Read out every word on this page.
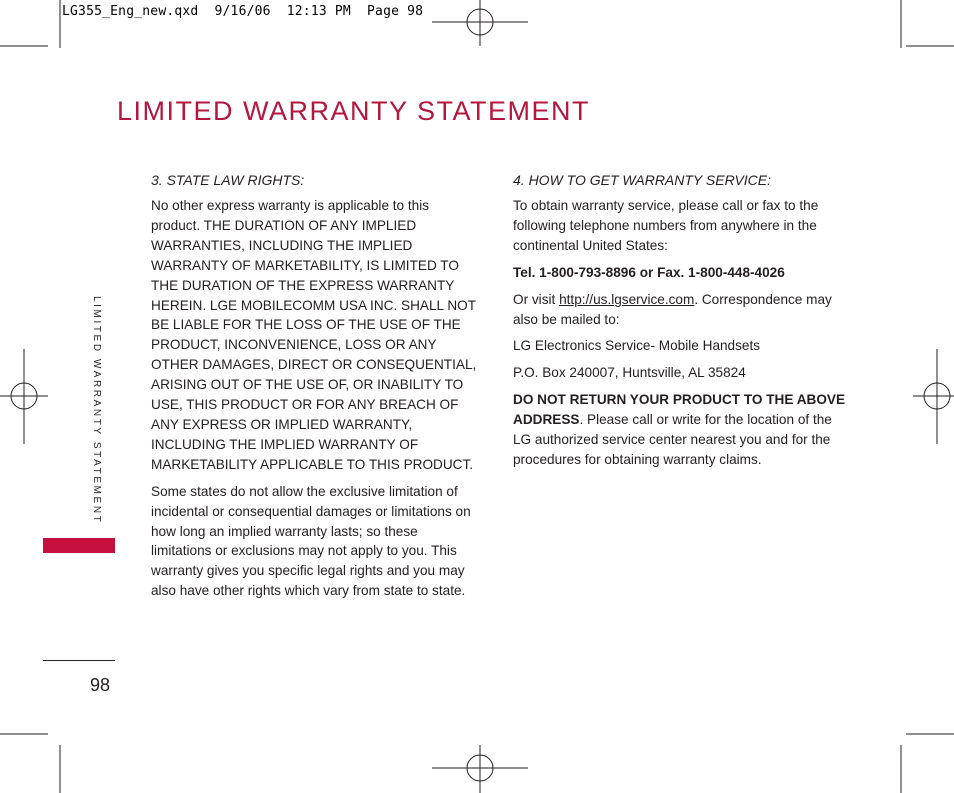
LG355_Eng_new.qxd  9/16/06  12:13 PM  Page 98
LIMITED WARRANTY STATEMENT
LIMITED WARRANTY STATEMENT
98
3. STATE LAW RIGHTS:

No other express warranty is applicable to this product. THE DURATION OF ANY IMPLIED WARRANTIES, INCLUDING THE IMPLIED WARRANTY OF MARKETABILITY, IS LIMITED TO THE DURATION OF THE EXPRESS WARRANTY HEREIN. LGE MOBILECOMM USA INC. SHALL NOT BE LIABLE FOR THE LOSS OF THE USE OF THE PRODUCT, INCONVENIENCE, LOSS OR ANY OTHER DAMAGES, DIRECT OR CONSEQUENTIAL, ARISING OUT OF THE USE OF, OR INABILITY TO USE, THIS PRODUCT OR FOR ANY BREACH OF ANY EXPRESS OR IMPLIED WARRANTY, INCLUDING THE IMPLIED WARRANTY OF MARKETABILITY APPLICABLE TO THIS PRODUCT.

Some states do not allow the exclusive limitation of incidental or consequential damages or limitations on how long an implied warranty lasts; so these limitations or exclusions may not apply to you. This warranty gives you specific legal rights and you may also have other rights which vary from state to state.

4. HOW TO GET WARRANTY SERVICE:

To obtain warranty service, please call or fax to the following telephone numbers from anywhere in the continental United States:

Tel. 1-800-793-8896 or Fax. 1-800-448-4026

Or visit http://us.lgservice.com. Correspondence may also be mailed to:

LG Electronics Service- Mobile Handsets

P.O. Box 240007, Huntsville, AL 35824

DO NOT RETURN YOUR PRODUCT TO THE ABOVE ADDRESS. Please call or write for the location of the LG authorized service center nearest you and for the procedures for obtaining warranty claims.
